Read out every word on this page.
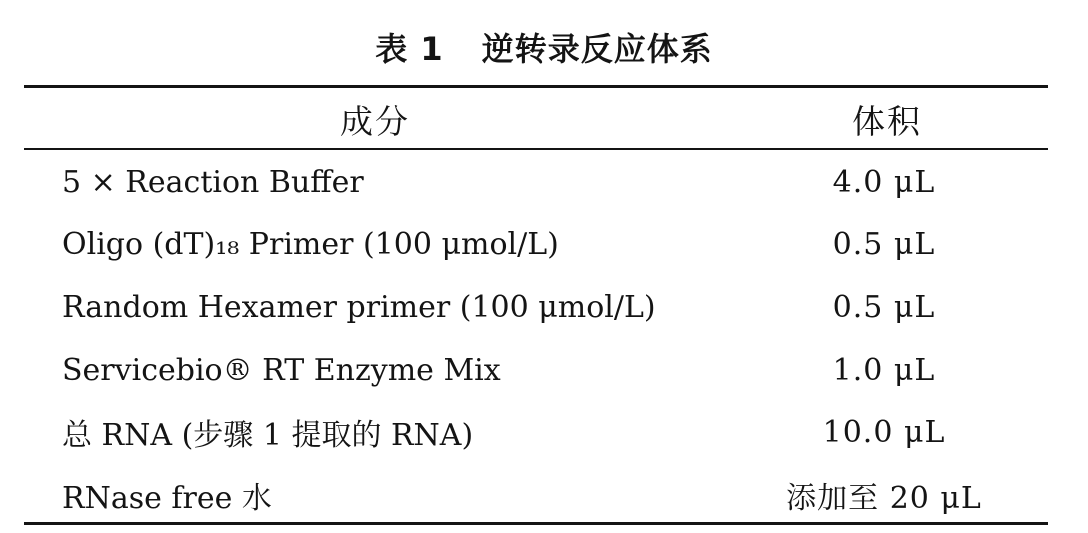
表 1 逆转录反应体系
成分	体积
5 × Reaction Buffer	4.0 μL
Oligo (dT)₁₈ Primer (100 μmol/L)	0.5 μL
Random Hexamer primer (100 μmol/L)	0.5 μL
Servicebio® RT Enzyme Mix	1.0 μL
总 RNA (步骤 1 提取的 RNA)	10.0 μL
RNase free 水	添加至 20 μL
